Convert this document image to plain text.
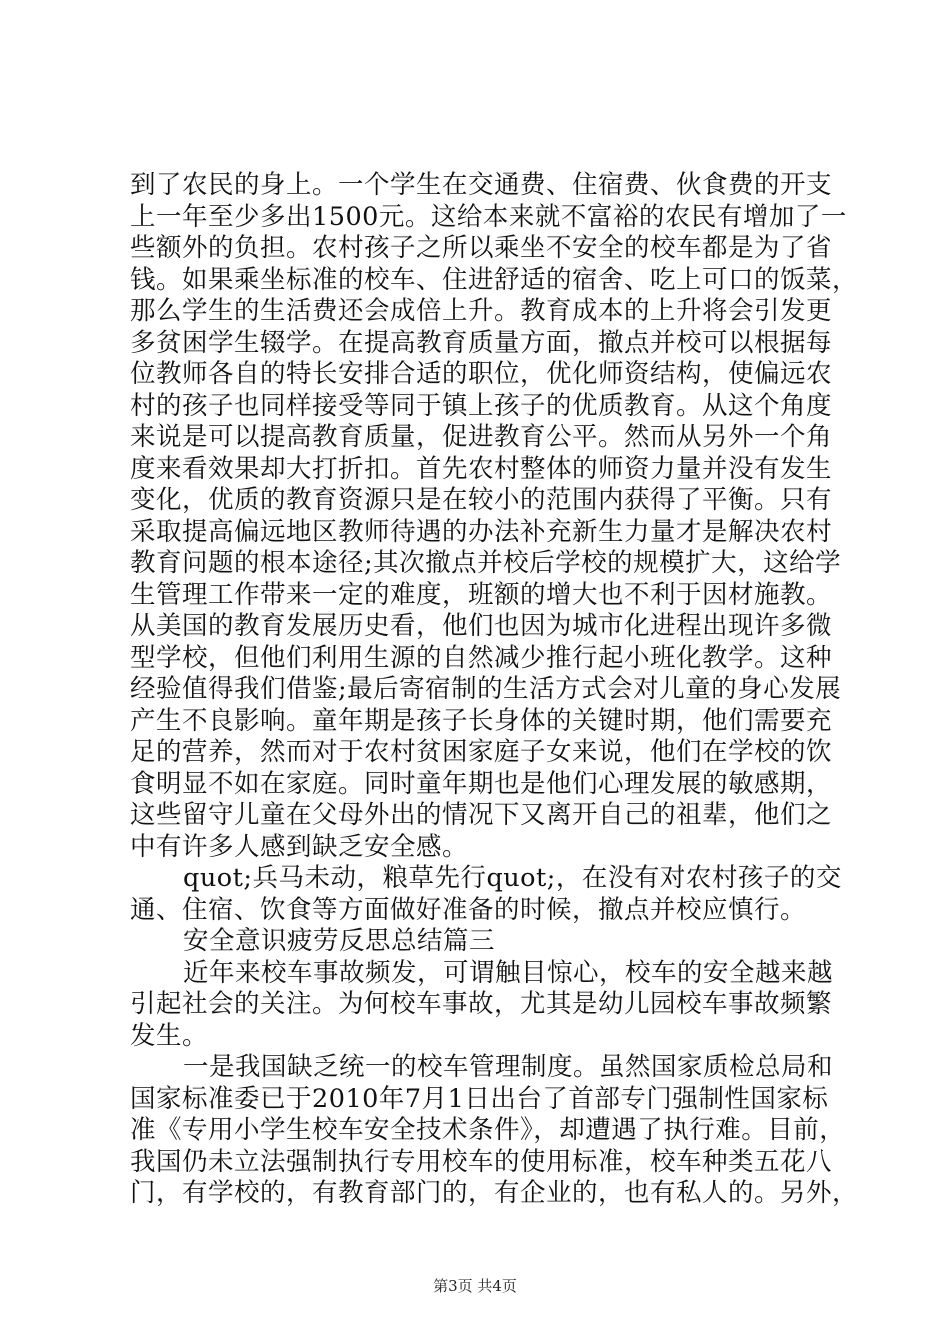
到了农民的身上。一个学生在交通费、住宿费、伙食费的开支
上一年至少多出1500元。这给本来就不富裕的农民有增加了一
些额外的负担。农村孩子之所以乘坐不安全的校车都是为了省
钱。如果乘坐标准的校车、住进舒适的宿舍、吃上可口的饭菜，
那么学生的生活费还会成倍上升。教育成本的上升将会引发更
多贫困学生辍学。在提高教育质量方面，撤点并校可以根据每
位教师各自的特长安排合适的职位，优化师资结构，使偏远农
村的孩子也同样接受等同于镇上孩子的优质教育。从这个角度
来说是可以提高教育质量，促进教育公平。然而从另外一个角
度来看效果却大打折扣。首先农村整体的师资力量并没有发生
变化，优质的教育资源只是在较小的范围内获得了平衡。只有
采取提高偏远地区教师待遇的办法补充新生力量才是解决农村
教育问题的根本途径;其次撤点并校后学校的规模扩大，这给学
生管理工作带来一定的难度，班额的增大也不利于因材施教。
从美国的教育发展历史看，他们也因为城市化进程出现许多微
型学校，但他们利用生源的自然减少推行起小班化教学。这种
经验值得我们借鉴;最后寄宿制的生活方式会对儿童的身心发展
产生不良影响。童年期是孩子长身体的关键时期，他们需要充
足的营养，然而对于农村贫困家庭子女来说，他们在学校的饮
食明显不如在家庭。同时童年期也是他们心理发展的敏感期，
这些留守儿童在父母外出的情况下又离开自己的祖辈，他们之
中有许多人感到缺乏安全感。
quot;兵马未动，粮草先行quot;，在没有对农村孩子的交
通、住宿、饮食等方面做好准备的时候，撤点并校应慎行。
安全意识疲劳反思总结篇三
近年来校车事故频发，可谓触目惊心，校车的安全越来越
引起社会的关注。为何校车事故，尤其是幼儿园校车事故频繁
发生。
一是我国缺乏统一的校车管理制度。虽然国家质检总局和
国家标准委已于2010年7月1日出台了首部专门强制性国家标
准《专用小学生校车安全技术条件》，却遭遇了执行难。目前，
我国仍未立法强制执行专用校车的使用标准，校车种类五花八
门，有学校的，有教育部门的，有企业的，也有私人的。另外，
第3页 共4页
